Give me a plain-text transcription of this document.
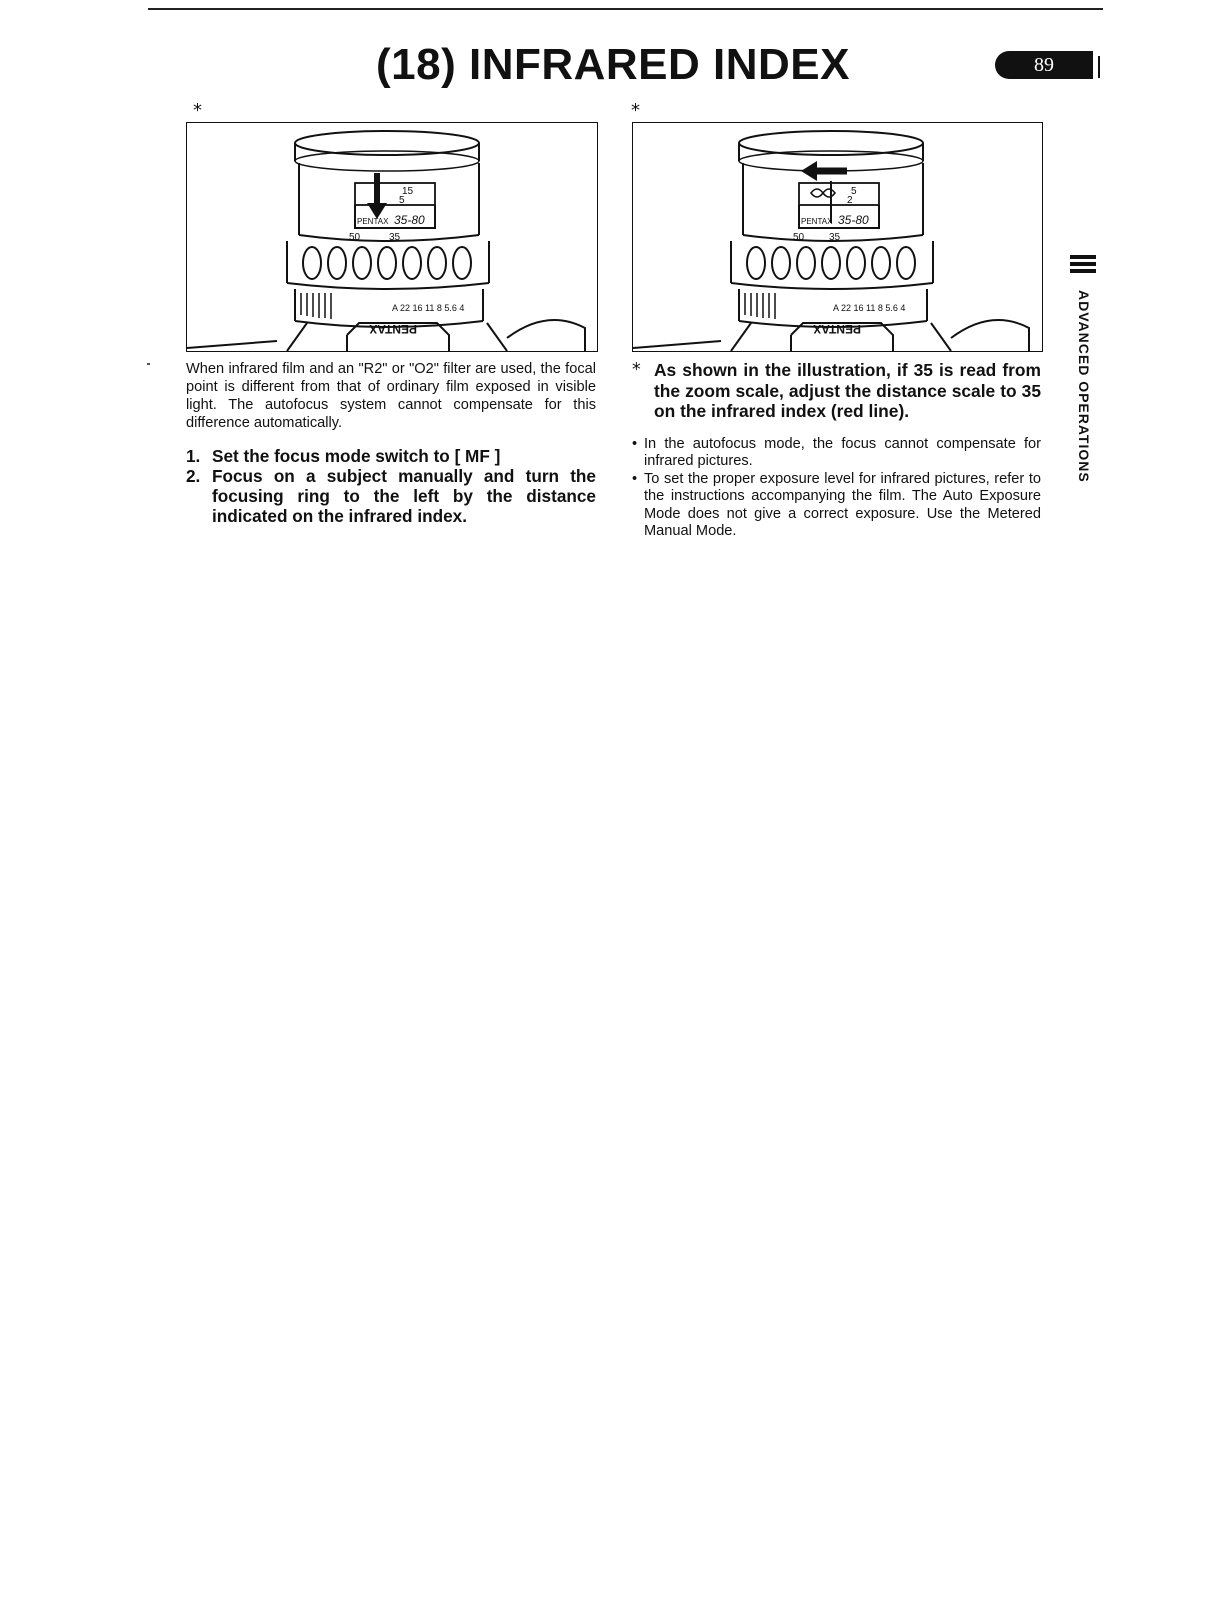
(18) INFRARED INDEX	89
ADVANCED OPERATIONS
*
15
5
PENTAX 35-80
50	35
A 22 16 11 8 5.6 4
PENTAX
*
5
2
PENTAX 35-80
50 35
A 22 16 11 8 5.6 4
PENTAX

When infrared film and an "R2" or "O2" filter are used, the focal point is different from that of ordinary film exposed in visible light. The autofocus system cannot compensate for this difference automatically.

1. Set the focus mode switch to [ MF ]
2. Focus on a subject manually and turn the focusing ring to the left by the distance indicated on the infrared index.

* As shown in the illustration, if 35 is read from the zoom scale, adjust the distance scale to 35 on the infrared index (red line).

• In the autofocus mode, the focus cannot compensate for infrared pictures.
• To set the proper exposure level for infrared pictures, refer to the instructions accompanying the film. The Auto Exposure Mode does not give a correct exposure. Use the Metered Manual Mode.
